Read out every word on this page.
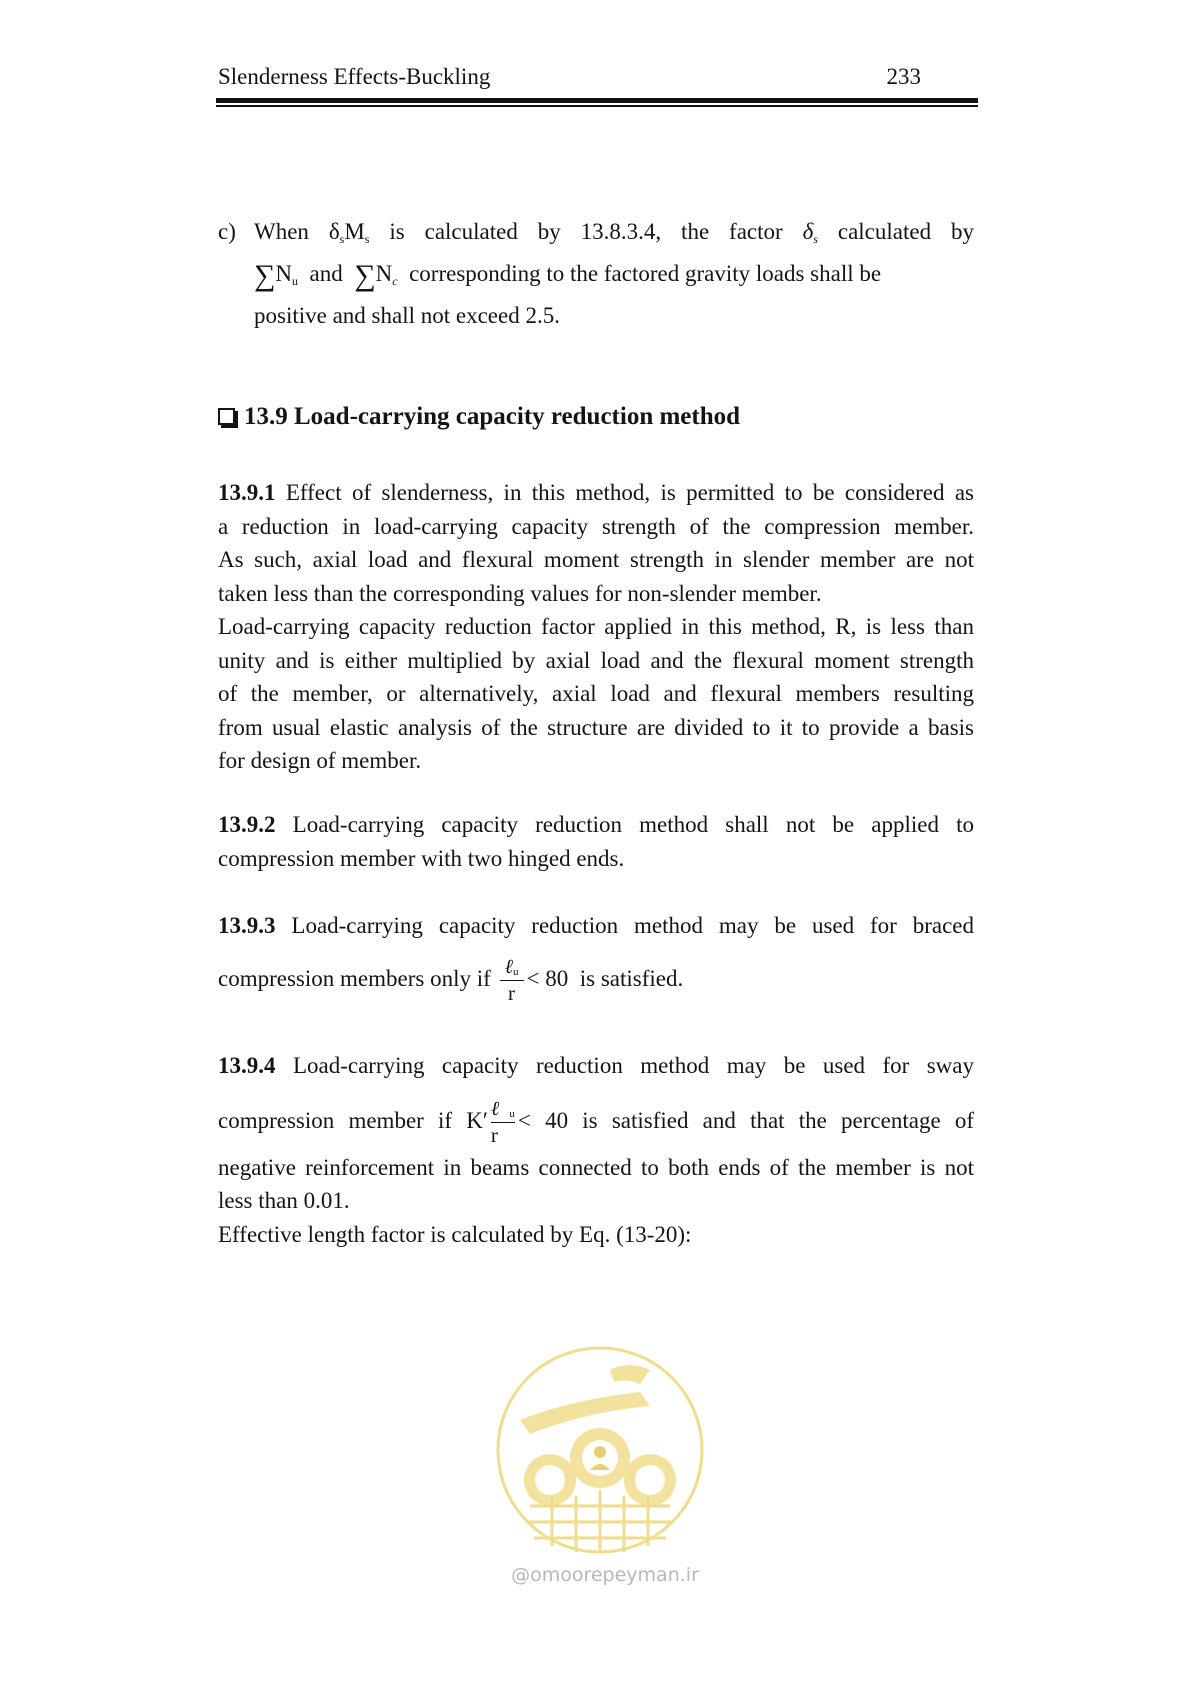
Slenderness Effects-Buckling	233
c) When $\delta_sM_s$ is calculated by 13.8.3.4, the factor δs calculated by
$\sum N_u$ and ∑Nc corresponding to the factored gravity loads shall be
positive and shall not exceed 2.5.
13.9 Load-carrying capacity reduction method
13.9.1 Effect of slenderness, in this method, is permitted to be considered as
a reduction in load-carrying capacity strength of the compression member.
As such, axial load and flexural moment strength in slender member are not
taken less than the corresponding values for non-slender member.
Load-carrying capacity reduction factor applied in this method, R, is less than
unity and is either multiplied by axial load and the flexural moment strength
of the member, or alternatively, axial load and flexural members resulting
from usual elastic analysis of the structure are divided to it to provide a basis
for design of member.
13.9.2 Load-carrying capacity reduction method shall not be applied to
compression member with two hinged ends.
13.9.3 Load-carrying capacity reduction method may be used for braced
compression members only if $\frac{\text{ℓu}}{r} < 80$ is satisfied.
13.9.4 Load-carrying capacity reduction method may be used for sway
compression member if $K' \frac{\text{ℓu}}{r} < 40$ is satisfied and that the percentage of
negative reinforcement in beams connected to both ends of the member is not
less than 0.01.
Effective length factor is calculated by Eq. (13-20):
@omoorepeyman.ir
